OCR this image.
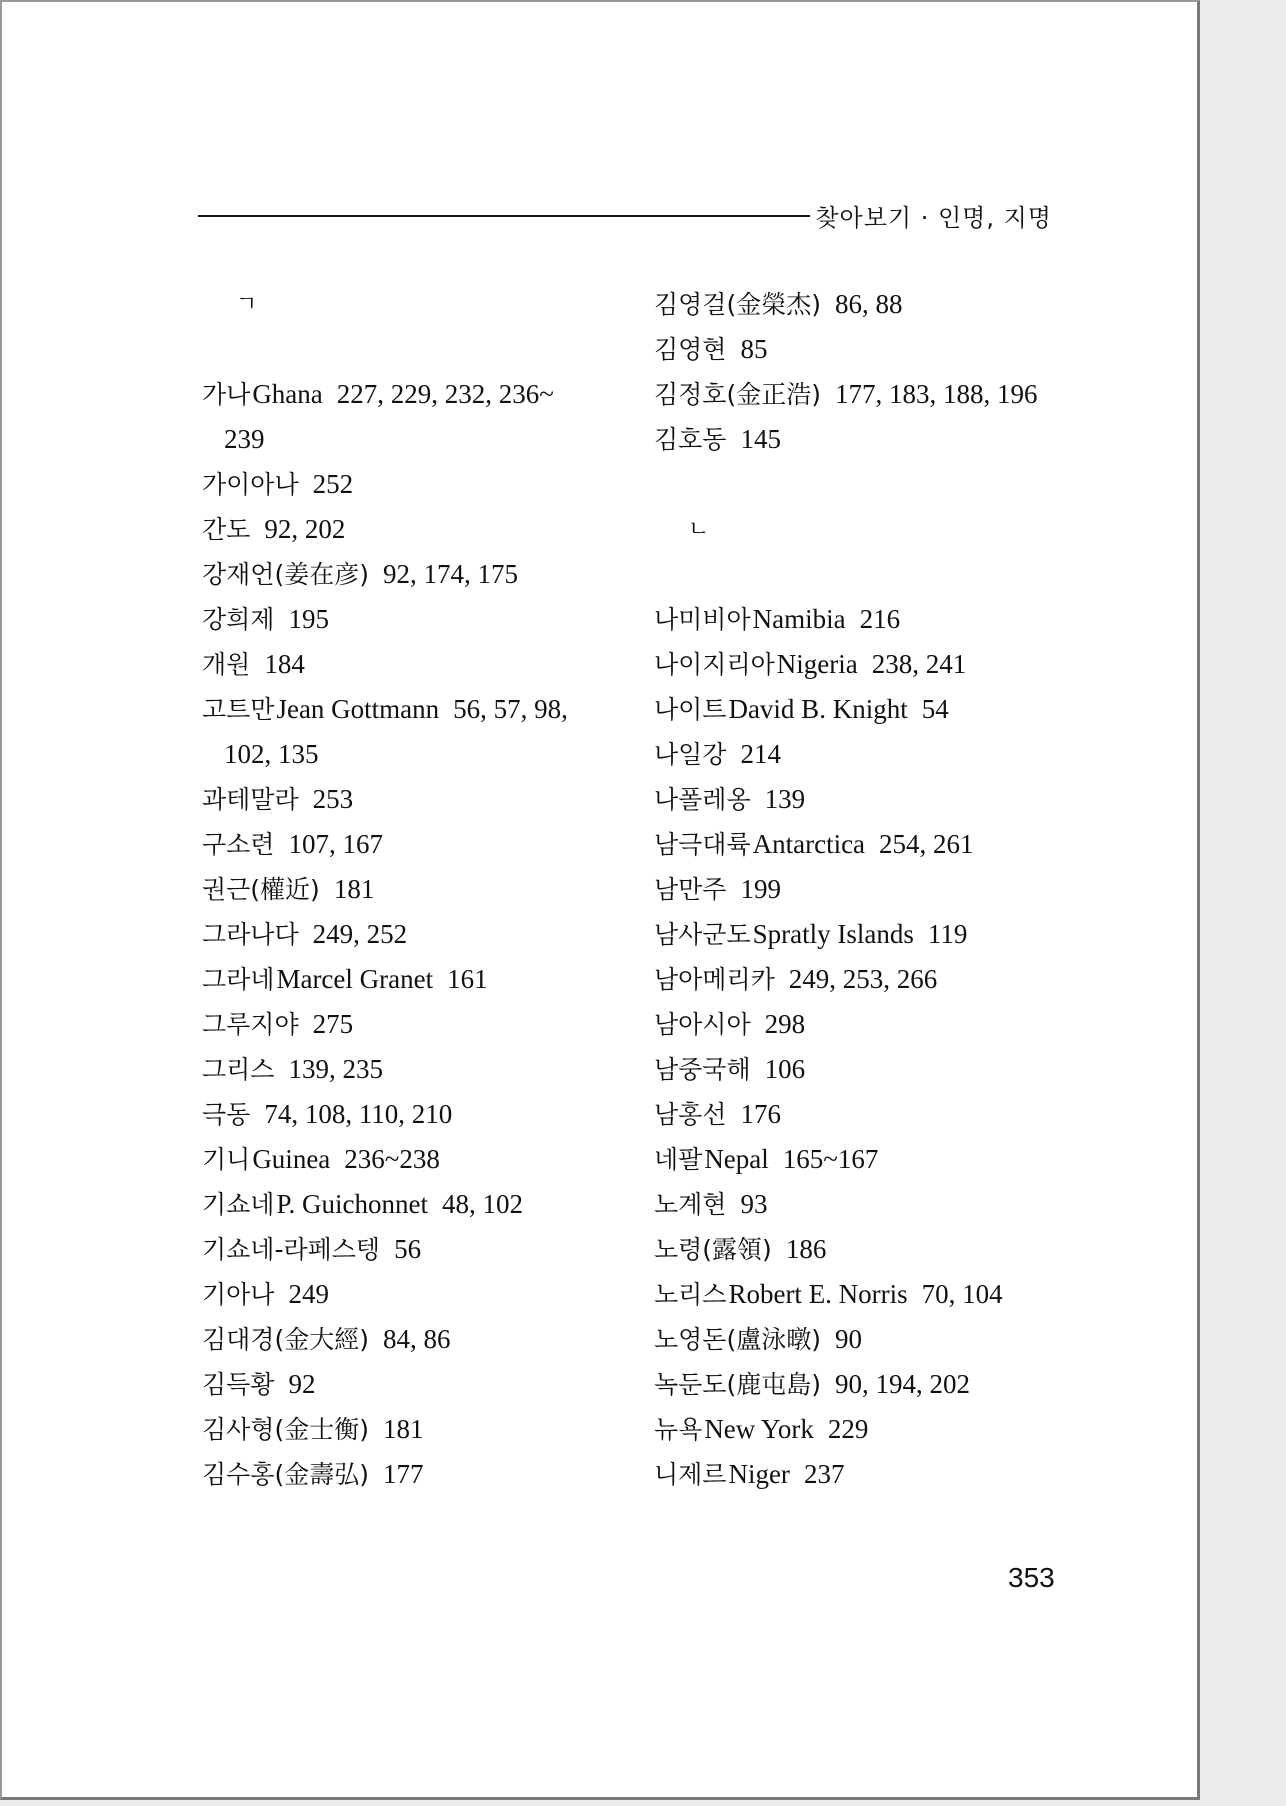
찾아보기 · 인명, 지명
ㄱ
가나Ghana 227, 229, 232, 236~
239
가이아나 252
간도 92, 202
강재언(姜在彦) 92, 174, 175
강희제 195
개원 184
고트만Jean Gottmann 56, 57, 98,
102, 135
과테말라 253
구소련 107, 167
권근(權近) 181
그라나다 249, 252
그라네Marcel Granet 161
그루지야 275
그리스 139, 235
극동 74, 108, 110, 210
기니Guinea 236~238
기쇼네P. Guichonnet 48, 102
기쇼네-라페스텡 56
기아나 249
김대경(金大經) 84, 86
김득황 92
김사형(金士衡) 181
김수홍(金壽弘) 177
김영걸(金榮杰) 86, 88
김영현 85
김정호(金正浩) 177, 183, 188, 196
김호동 145
ㄴ
나미비아Namibia 216
나이지리아Nigeria 238, 241
나이트David B. Knight 54
나일강 214
나폴레옹 139
남극대륙Antarctica 254, 261
남만주 199
남사군도Spratly Islands 119
남아메리카 249, 253, 266
남아시아 298
남중국해 106
남홍선 176
네팔Nepal 165~167
노계현 93
노령(露領) 186
노리스Robert E. Norris 70, 104
노영돈(盧泳暾) 90
녹둔도(鹿屯島) 90, 194, 202
뉴욕New York 229
니제르Niger 237
353
